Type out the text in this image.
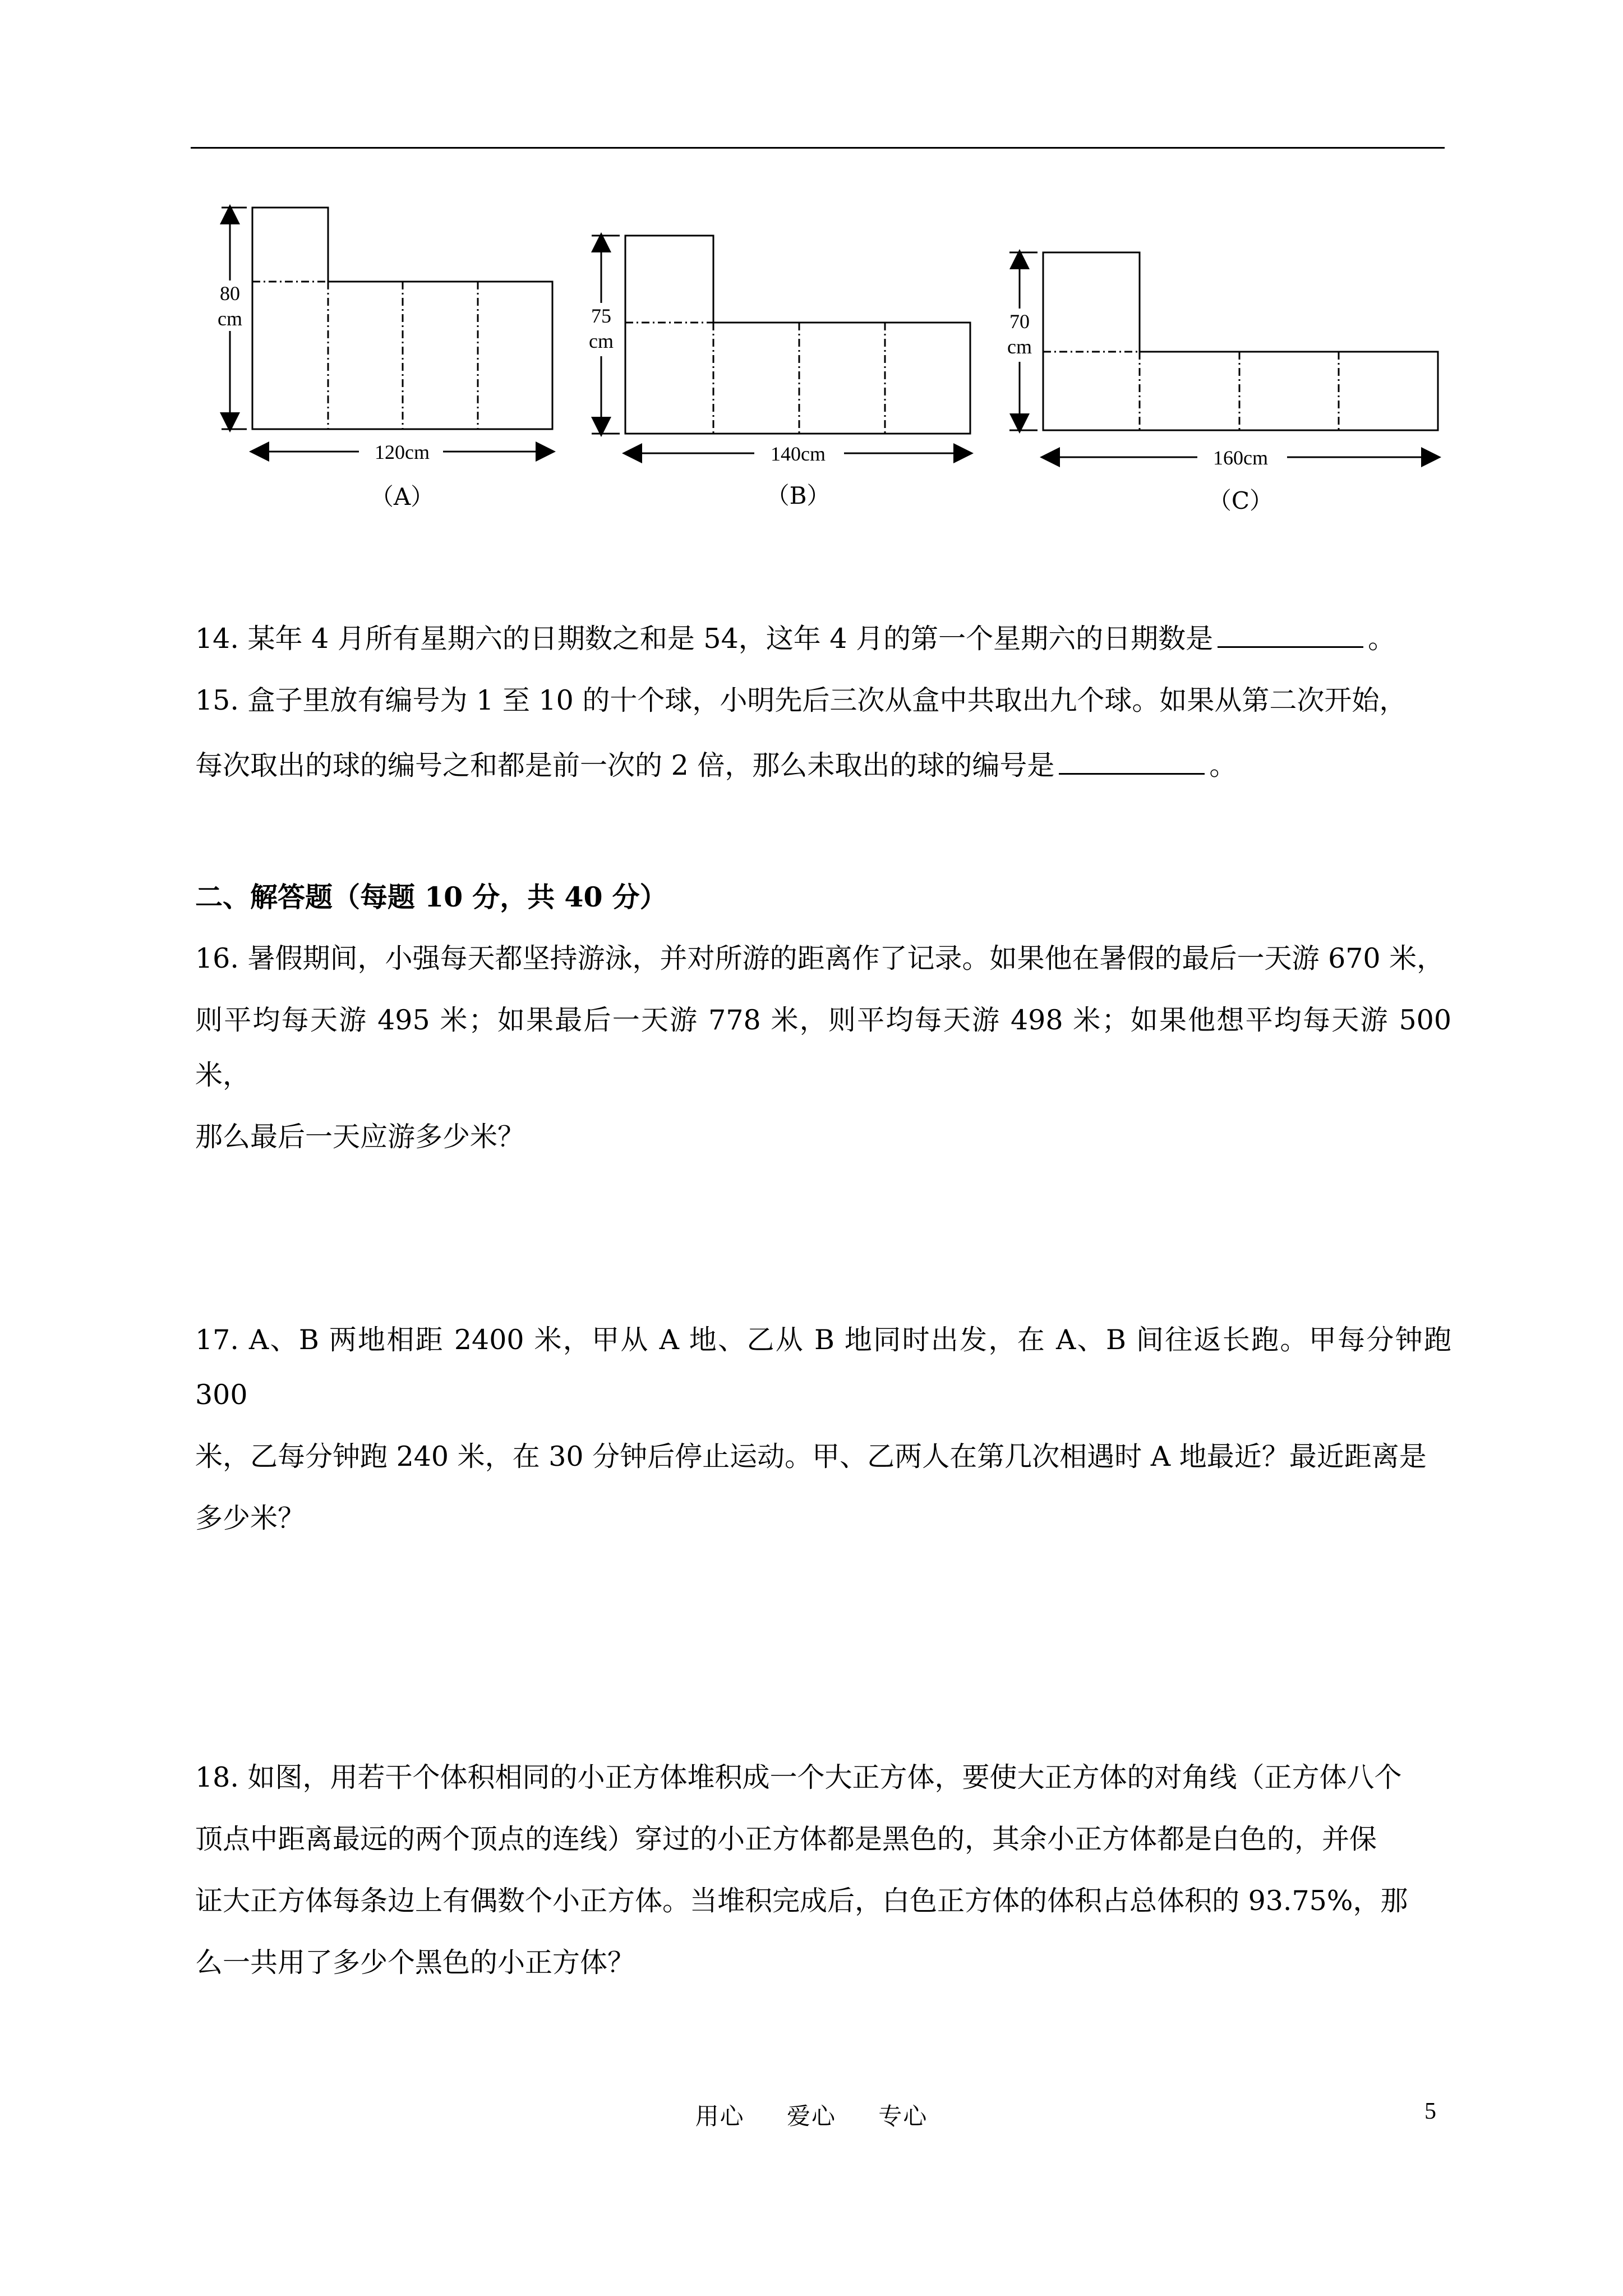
80
cm
120cm
（A）
75
cm
140cm
（B）
70
cm
160cm
（C）

14. 某年 4 月所有星期六的日期数之和是 54，这年 4 月的第一个星期六的日期数是	。

15. 盒子里放有编号为 1 至 10 的十个球，小明先后三次从盒中共取出九个球。如果从第二次开始，

每次取出的球的编号之和都是前一次的 2 倍，那么未取出的球的编号是	。

二、解答题（每题 10 分，共 40 分）

16. 暑假期间，小强每天都坚持游泳，并对所游的距离作了记录。如果他在暑假的最后一天游 670 米，

则平均每天游 495 米；如果最后一天游 778 米，则平均每天游 498 米；如果他想平均每天游 500 米，

那么最后一天应游多少米？

17. A、B 两地相距 2400 米，甲从 A 地、乙从 B 地同时出发，在 A、B 间往返长跑。甲每分钟跑 300

米，乙每分钟跑 240 米，在 30 分钟后停止运动。甲、乙两人在第几次相遇时 A 地最近？最近距离是

多少米？

18. 如图，用若干个体积相同的小正方体堆积成一个大正方体，要使大正方体的对角线（正方体八个

顶点中距离最远的两个顶点的连线）穿过的小正方体都是黑色的，其余小正方体都是白色的，并保

证大正方体每条边上有偶数个小正方体。当堆积完成后，白色正方体的体积占总体积的 93.75%，那

么一共用了多少个黑色的小正方体？

用心 爱心 专心	5
